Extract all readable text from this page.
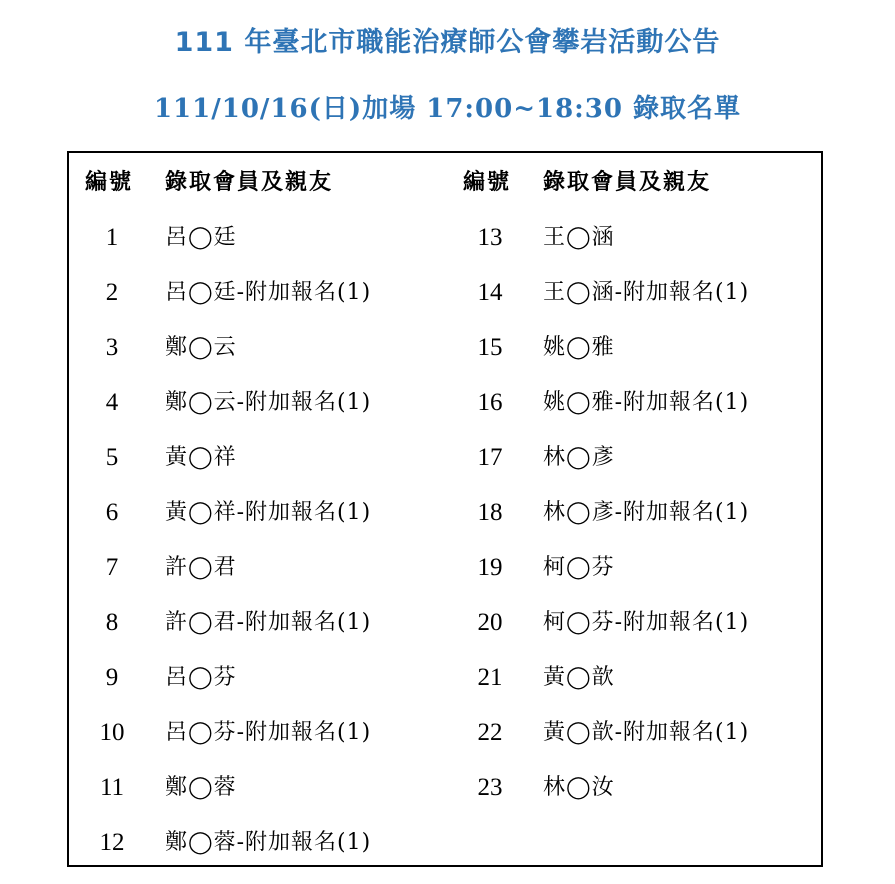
111 年臺北市職能治療師公會攀岩活動公告
111/10/16(日)加場 17:00~18:30 錄取名單
編號 錄取會員及親友
1	呂◯廷
2	呂◯廷-附加報名(1)
3	鄭◯云
4	鄭◯云-附加報名(1)
5	黃◯祥
6	黃◯祥-附加報名(1)
7	許◯君
8	許◯君-附加報名(1)
9	呂◯芬
10	呂◯芬-附加報名(1)
11	鄭◯蓉
12	鄭◯蓉-附加報名(1)
編號 錄取會員及親友
13	王◯涵
14	王◯涵-附加報名(1)
15	姚◯雅
16	姚◯雅-附加報名(1)
17	林◯彥
18	林◯彥-附加報名(1)
19	柯◯芬
20	柯◯芬-附加報名(1)
21	黃◯歆
22	黃◯歆-附加報名(1)
23	林◯汝
